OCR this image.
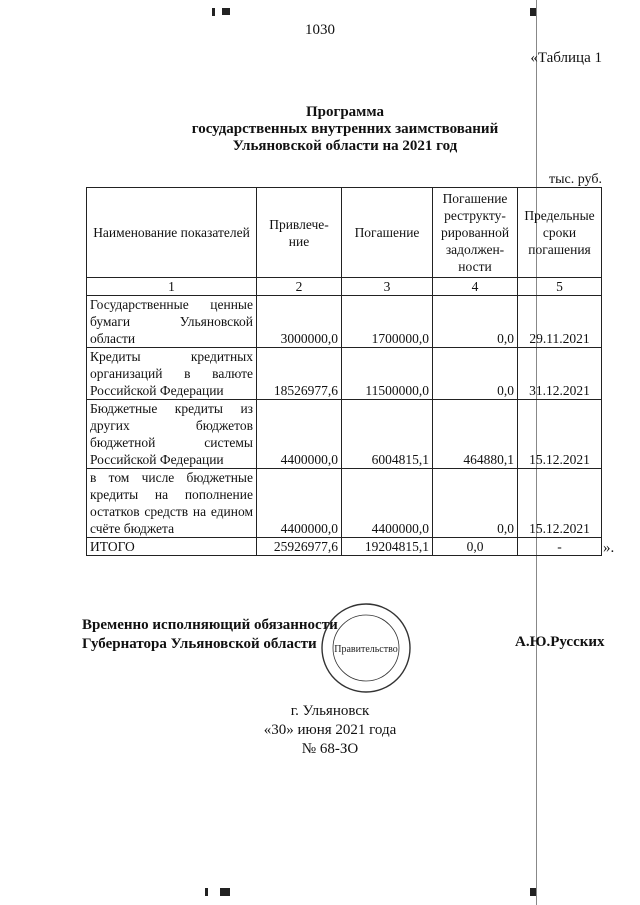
1030
«Таблица 1
Программа
государственных внутренних заимствований
Ульяновской области на 2021 год
тыс. руб.
Наименование показателей	Привлече-ние	Погашение	Погашение реструкту-рированной задолжен-ности	Предельные сроки погашения
1	2	3	4	5
Государственные ценные бумаги Ульяновской области	3000000,0	1700000,0	0,0	29.11.2021
Кредиты кредитных организаций в валюте Российской Федерации	18526977,6	11500000,0	0,0	31.12.2021
Бюджетные кредиты из других бюджетов бюджетной системы Российской Федерации	4400000,0	6004815,1	464880,1	15.12.2021
в том числе бюджетные кредиты на пополнение остатков средств на едином счёте бюджета	4400000,0	4400000,0	0,0	15.12.2021
ИТОГО	25926977,6	19204815,1	0,0	-	».
Временно исполняющий обязанности
Губернатора Ульяновской области	А.Ю.Русских
Правительство
г. Ульяновск
«30» июня 2021 года
№ 68-ЗО
